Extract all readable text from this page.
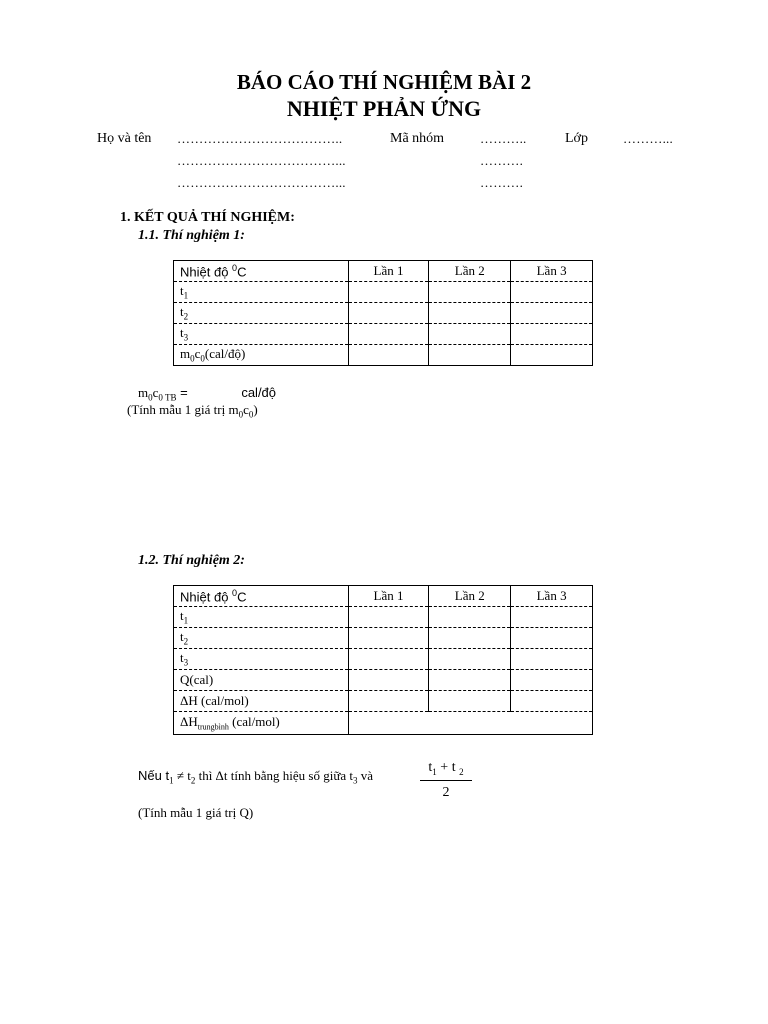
BÁO CÁO THÍ NGHIỆM BÀI 2
NHIỆT PHẢN ỨNG
Họ và tên ………………………………..
………………………………...
………………………………...
Mã nhóm	………..
……….
……….
Lớp	………...
1. KẾT QUẢ THÍ NGHIỆM:
1.1. Thí nghiệm 1:
Nhiệt độ $^0$C	Lần 1	Lần 2	Lần 3
$t_1$			
$t_2$			
$t_3$			
$m_0c_0(cal/độ)$			
$m_0c_{0 TB}$ =	cal/độ
(Tính mẫu 1 giá trị $m_0c_0$)
1.2. Thí nghiệm 2:
Nhiệt độ $^0$C	Lần 1	Lần 2	Lần 3
$t_1$			
$t_2$			
$t_3$			
Q(cal)			
ΔH (cal/mol)			
$\Delta H_{trungbình}$ (cal/mol)			
Nếu $t_1 \ne t_2$ thì Δt tính bằng hiệu số giữa $t_3$ và
$t_1 + t$ $_2$
2
(Tính mẫu 1 giá trị Q)
